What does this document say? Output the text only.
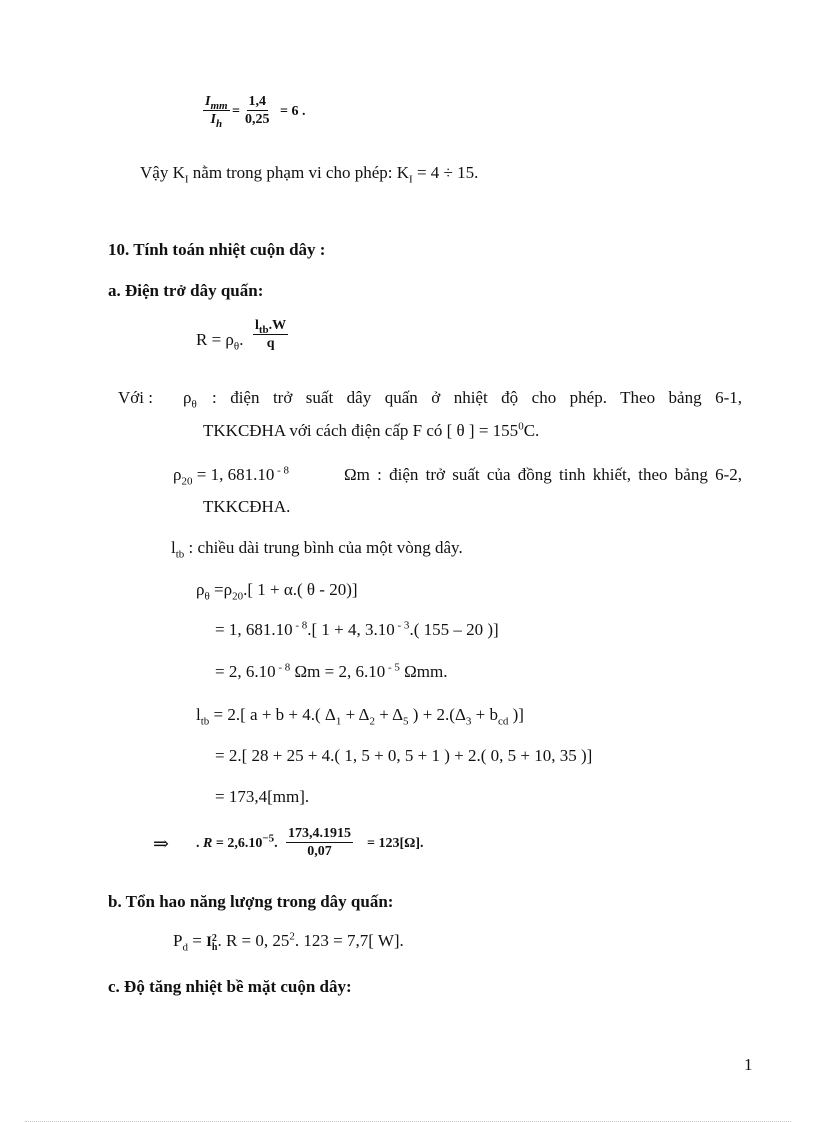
$I_{mm}$
$I_h$
= $\frac{1,4}{0,25} = 6$ .
Vậy $K_I$ nằm trong phạm vi cho phép: $K_I = 4 \div 15$.
10. Tính toán nhiệt cuộn dây :
a. Điện trở dây quấn:
$R = \rho_\theta$.
$l_{tb}.W$
q
Với : $\rho_\theta$ : điện trở suất dây quấn ở nhiệt độ cho phép. Theo bảng 6-1,
TKKCĐHA với cách điện cấp F có [ θ ] = $155^0C$.
$\rho_{20} = 1$, 681.10 $^{- 8}$	Ωm : điện trở suất của đồng tinh khiết, theo bảng 6-2,
TKKCĐHA.
$l_{tb}$ : chiều dài trung bình của một vòng dây.
$\rho_\theta =\rho_{20}$.[ 1 + α.( θ - 20)]
= 1, 681.10 $^{- 8}$.[ 1 + 4, 3.10 $^{- 3}$.( 155 – 20 )]
= 2, 6.10 $^{- 8}$ Ωm = 2, 6.10 $^{- 5}$ Ωmm.
$l_{tb} = 2$.[ a + b + 4.( $\Delta_1 + \Delta_2 + \Delta_5$ ) + $2.(\Delta_3 + b_{cd}$ )]
= 2.[ 28 + 25 + 4.( 1, 5 + 0, 5 + 1 ) + 2.( 0, 5 + 10, 35 )]
= 173,4[mm].
⇒ . $R = 2,6.10^{-5}$. $\frac{173,4.1915}{0,07} = 123[\Omega]$.
b. Tổn hao năng lượng trong dây quấn:
$P_d = I$ 2
h . R = 0, $25^2$. 123 = 7,7[ W].
c. Độ tăng nhiệt bề mặt cuộn dây:
1
